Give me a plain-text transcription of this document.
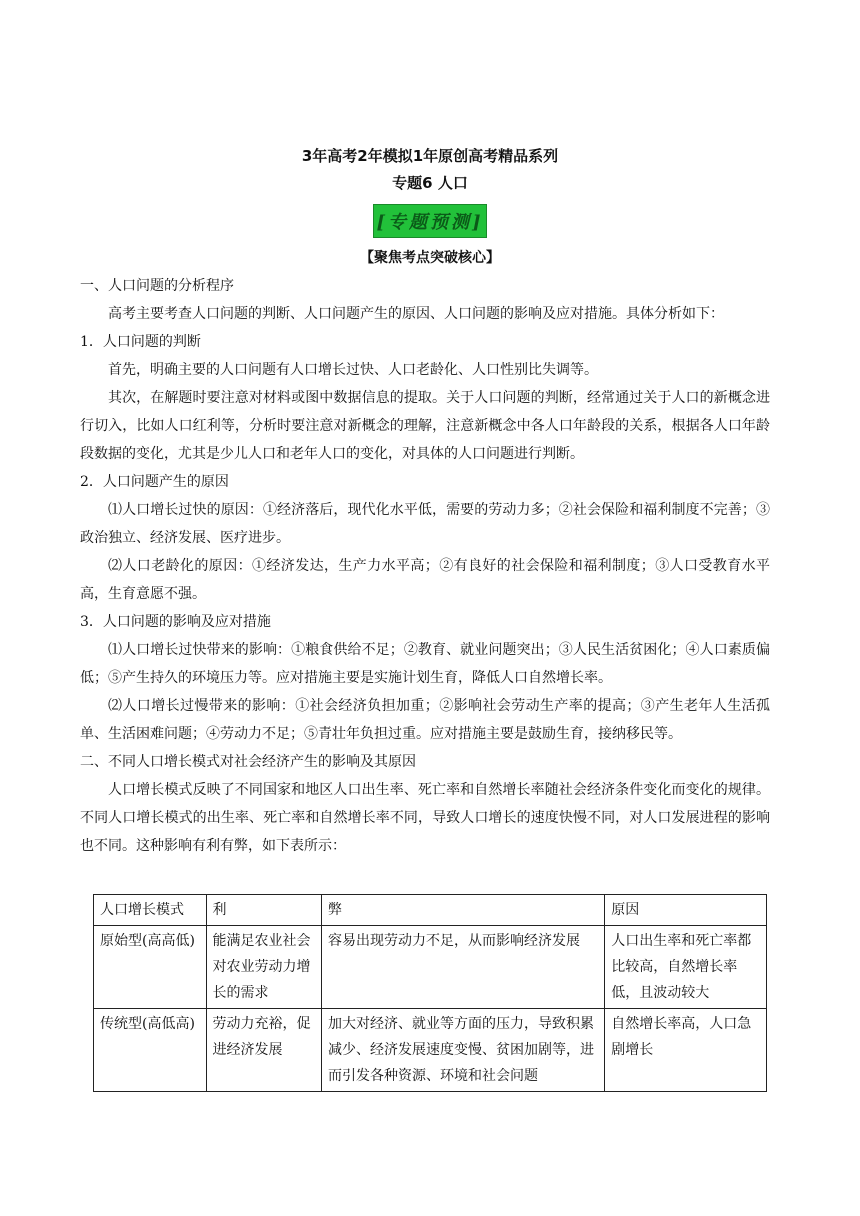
3年高考2年模拟1年原创高考精品系列
专题6 人口
[专题预测]
【聚焦考点突破核心】

一、人口问题的分析程序

高考主要考查人口问题的判断、人口问题产生的原因、人口问题的影响及应对措施。具体分析如下：

1．人口问题的判断

首先，明确主要的人口问题有人口增长过快、人口老龄化、人口性别比失调等。

其次，在解题时要注意对材料或图中数据信息的提取。关于人口问题的判断，经常通过关于人口的新概念进行切入，比如人口红利等，分析时要注意对新概念的理解，注意新概念中各人口年龄段的关系，根据各人口年龄段数据的变化，尤其是少儿人口和老年人口的变化，对具体的人口问题进行判断。

2．人口问题产生的原因

⑴人口增长过快的原因：①经济落后，现代化水平低，需要的劳动力多；②社会保险和福利制度不完善；③政治独立、经济发展、医疗进步。

⑵人口老龄化的原因：①经济发达，生产力水平高；②有良好的社会保险和福利制度；③人口受教育水平高，生育意愿不强。

3．人口问题的影响及应对措施

⑴人口增长过快带来的影响：①粮食供给不足；②教育、就业问题突出；③人民生活贫困化；④人口素质偏低；⑤产生持久的环境压力等。应对措施主要是实施计划生育，降低人口自然增长率。

⑵人口增长过慢带来的影响：①社会经济负担加重；②影响社会劳动生产率的提高；③产生老年人生活孤单、生活困难问题；④劳动力不足；⑤青壮年负担过重。应对措施主要是鼓励生育，接纳移民等。

二、不同人口增长模式对社会经济产生的影响及其原因

人口增长模式反映了不同国家和地区人口出生率、死亡率和自然增长率随社会经济条件变化而变化的规律。不同人口增长模式的出生率、死亡率和自然增长率不同，导致人口增长的速度快慢不同，对人口发展进程的影响也不同。这种影响有利有弊，如下表所示：

人口增长模式	利	弊	原因
原始型(高高低)	能满足农业社会对农业劳动力增长的需求	容易出现劳动力不足，从而影响经济发展	人口出生率和死亡率都比较高，自然增长率低，且波动较大
传统型(高低高)	劳动力充裕，促进经济发展	加大对经济、就业等方面的压力，导致积累减少、经济发展速度变慢、贫困加剧等，进而引发各种资源、环境和社会问题	自然增长率高，人口急剧增长
